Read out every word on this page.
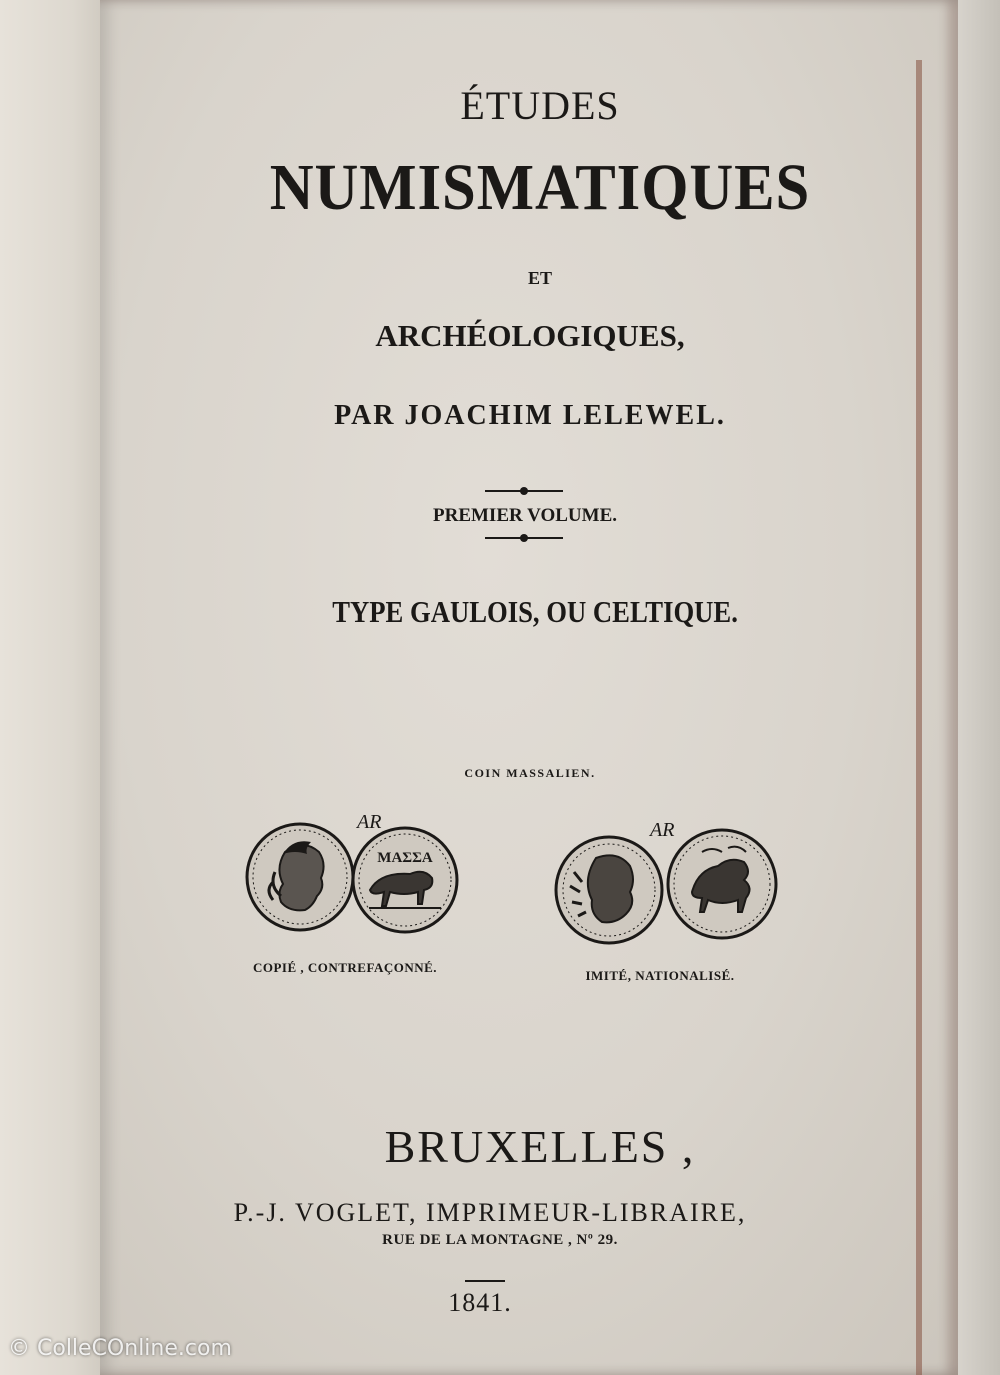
ÉTUDES
NUMISMATIQUES
ET
ARCHÉOLOGIQUES,
PAR JOACHIM LELEWEL.
PREMIER VOLUME.
TYPE GAULOIS, OU CELTIQUE.
COIN MASSALIEN.
ΜΑΣΣΑ
AR	AR
COPIÉ , CONTREFAÇONNÉ.
IMITÉ, NATIONALISÉ.
BRUXELLES ,
P.-J. VOGLET, IMPRIMEUR-LIBRAIRE,
RUE DE LA MONTAGNE , Nº 29.
1841.
© ColleCOnline.com
